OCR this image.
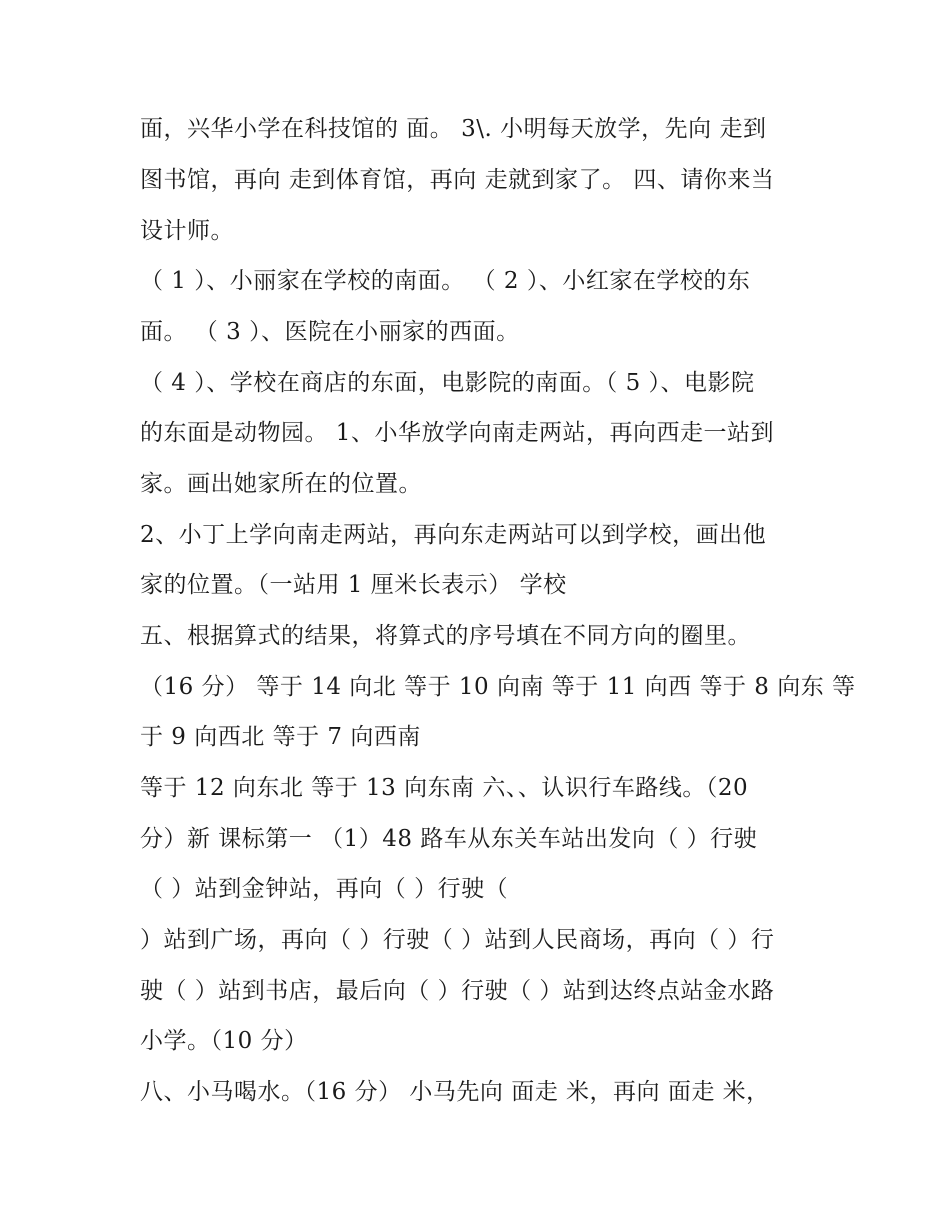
面，兴华小学在科技馆的 面。 3\. 小明每天放学，先向 走到
图书馆，再向 走到体育馆，再向 走就到家了。 四、请你来当
设计师。
（ 1 ）、小丽家在学校的南面。 （ 2 ）、小红家在学校的东
面。 （ 3 ）、医院在小丽家的西面。
（ 4 ）、学校在商店的东面，电影院的南面。（ 5 ）、电影院
的东面是动物园。 1、小华放学向南走两站，再向西走一站到
家。画出她家所在的位置。
2、小丁上学向南走两站，再向东走两站可以到学校，画出他
家的位置。（一站用 1 厘米长表示） 学校
五、根据算式的结果，将算式的序号填在不同方向的圈里。
（16 分） 等于 14 向北 等于 10 向南 等于 11 向西 等于 8 向东 等
于 9 向西北 等于 7 向西南
等于 12 向东北 等于 13 向东南 六、、认识行车路线。（20
分）新 课标第一 （1）48 路车从东关车站出发向（ ）行驶
（ ）站到金钟站，再向（ ）行驶（
）站到广场，再向（ ）行驶（ ）站到人民商场，再向（ ）行
驶（ ）站到书店，最后向（ ）行驶（ ）站到达终点站金水路
小学。（10 分）
八、小马喝水。（16 分） 小马先向 面走 米，再向 面走 米，
